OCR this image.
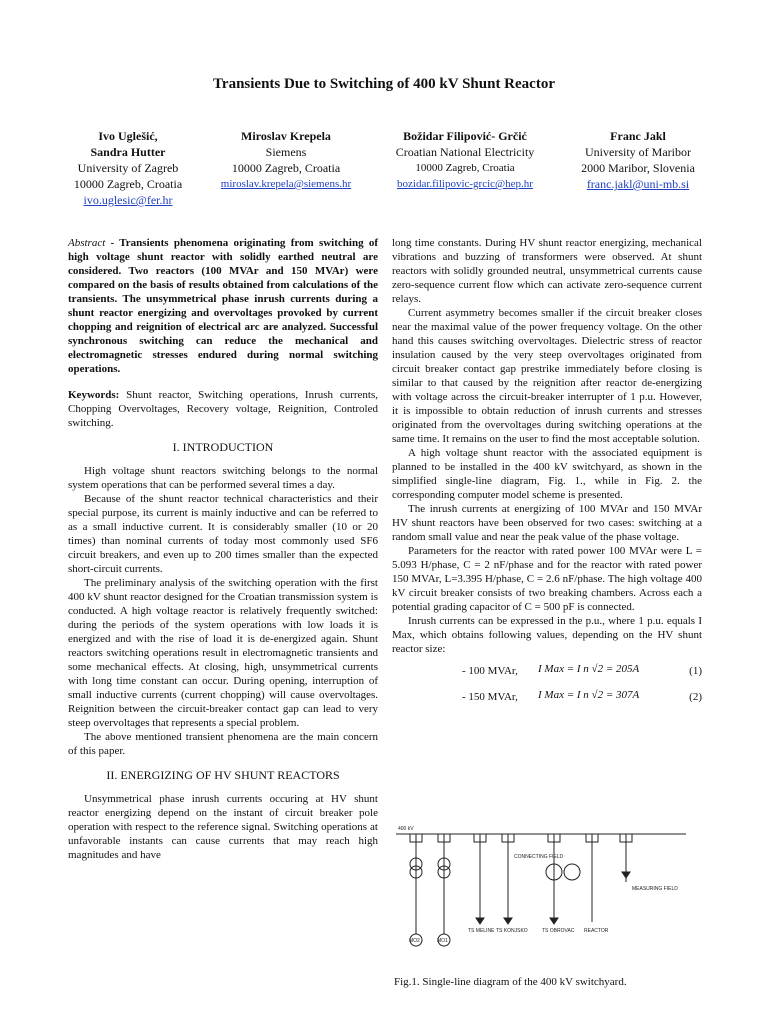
Transients Due to Switching of 400 kV Shunt Reactor
Ivo Uglešić,
Sandra Hutter
University of Zagreb
10000 Zagreb, Croatia
ivo.uglesic@fer.hr
Miroslav Krepela
Siemens
10000 Zagreb, Croatia
miroslav.krepela@siemens.hr
Božidar Filipović- Grčić
Croatian National Electricity
10000 Zagreb, Croatia
bozidar.filipovic-grcic@hep.hr
Franc Jakl
University of Maribor
2000 Maribor, Slovenia
franc.jakl@uni-mb.si

Abstract - Transients phenomena originating from switching of high voltage shunt reactor with solidly earthed neutral are considered. Two reactors (100 MVAr and 150 MVAr) were compared on the basis of results obtained from calculations of the transients. The unsymmetrical phase inrush currents during a shunt reactor energizing and overvoltages provoked by current chopping and reignition of electrical arc are analyzed. Successful synchronous switching can reduce the mechanical and electromagnetic stresses endured during normal switching operations.

Keywords: Shunt reactor, Switching operations, Inrush currents, Chopping Overvoltages, Recovery voltage, Reignition, Controled switching.

I. INTRODUCTION

High voltage shunt reactors switching belongs to the normal system operations that can be performed several times a day.

Because of the shunt reactor technical characteristics and their special purpose, its current is mainly inductive and can be referred to as a small inductive current. It is considerably smaller (10 or 20 times) than nominal currents of today most commonly used SF6 circuit breakers, and even up to 200 times smaller than the expected short-circuit currents.

The preliminary analysis of the switching operation with the first 400 kV shunt reactor designed for the Croatian transmission system is conducted. A high voltage reactor is relatively frequently switched: during the periods of the system operations with low loads it is energized and with the rise of load it is de-energized again. Shunt reactors switching operations result in electromagnetic transients and some mechanical effects. At closing, high, unsymmetrical currents with long time constant can occur. During opening, interruption of small inductive currents (current chopping) will cause overvoltages. Reignition between the circuit-breaker contact gap can lead to very steep overvoltages that represents a special problem.

The above mentioned transient phenomena are the main concern of this paper.

II. ENERGIZING OF HV SHUNT REACTORS

Unsymmetrical phase inrush currents occuring at HV shunt reactor energizing depend on the instant of circuit breaker pole operation with respect to the reference signal. Switching operations at unfavorable instants can cause currents that may reach high magnitudes and have

long time constants. During HV shunt reactor energizing, mechanical vibrations and buzzing of transformers were observed. At shunt reactors with solidly grounded neutral, unsymmetrical currents cause zero-sequence current flow which can activate zero-sequence current relays.

Current asymmetry becomes smaller if the circuit breaker closes near the maximal value of the power frequency voltage. On the other hand this causes switching overvoltages. Dielectric stress of reactor insulation caused by the very steep overvoltages originated from circuit breaker contact gap prestrike immediately before closing is similar to that caused by the reignition after reactor de-energizing with voltage across the circuit-breaker interrupter of 1 p.u. However, it is impossible to obtain reduction of inrush currents and stresses originated from the overvoltages during switching operations at the same time. It remains on the user to find the most acceptable solution.

A high voltage shunt reactor with the associated equipment is planned to be installed in the 400 kV switchyard, as shown in the simplified single-line diagram, Fig. 1., while in Fig. 2. the corresponding computer model scheme is presented.

The inrush currents at energizing of 100 MVAr and 150 MVAr HV shunt reactors have been observed for two cases: switching at a random small value and near the peak value of the phase voltage.

Parameters for the reactor with rated power 100 MVAr were L = 5.093 H/phase, C = 2 nF/phase and for the reactor with rated power 150 MVAr, L=3.395 H/phase, C = 2.6 nF/phase. The high voltage 400 kV circuit breaker consists of two breaking chambers. Across each a potential grading capacitor of C = 500 pF is connected.

Inrush currents can be expressed in the p.u., where 1 p.u. equals I Max, which obtains following values, depending on the HV shunt reactor size:

- 100 MVAr, I Max = I n √2 = 205A	(1)
- 150 MVAr, I Max = I n √2 = 307A	(2)
400 kV
CONNECTING FIELD
MEASURING FIELD
TS MELINE TS KONJSKO	TS OBROVAC REACTOR
MO2	MO1
Fig.1. Single-line diagram of the 400 kV switchyard.
